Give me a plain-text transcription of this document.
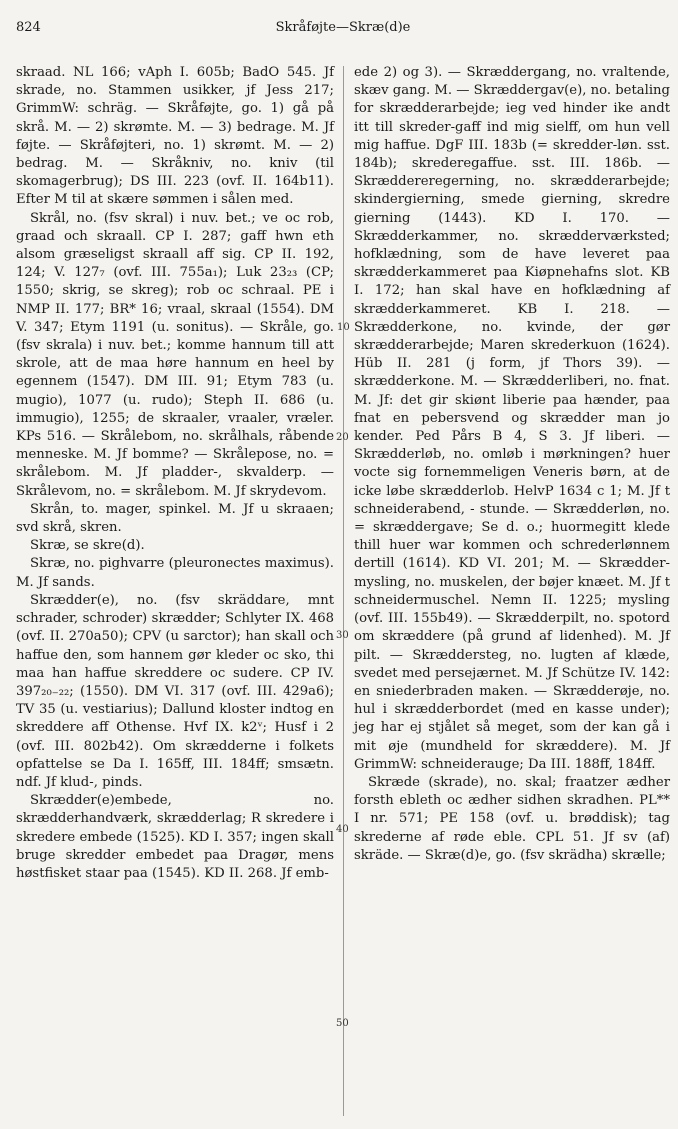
824	Skråføjte—Skræ(d)e
10
20
30
40
50

skraad. NL 166; vAph I. 605b; BadO 545. Jf skrade, no. Stammen usikker, jf Jess 217; GrimmW: schräg. — Skråføjte, go. 1) gå på skrå. M. — 2) skrømte. M. — 3) bedrage. M. Jf føjte. — Skråføjteri, no. 1) skrømt. M. — 2) bedrag. M. — Skråkniv, no. kniv (til skomagerbrug); DS III. 223 (ovf. II. 164b11). Efter M til at skære sømmen i sålen med.

Skrål, no. (fsv skral) i nuv. bet.; ve oc rob, graad och skraall. CP I. 287; gaff hwn eth alsom græseligst skraall aff sig. CP II. 192, 124; V. 127₇ (ovf. III. 755a₁); Luk 23₂₃ (CP; 1550; skrig, se skreg); rob oc schraal. PE i NMP II. 177; BR* 16; vraal, skraal (1554). DM V. 347; Etym 1191 (u. sonitus). — Skråle, go. (fsv skrala) i nuv. bet.; komme hannum till att skrole, att de maa høre hannum en heel by egennem (1547). DM III. 91; Etym 783 (u. mugio), 1077 (u. rudo); Steph II. 686 (u. immugio), 1255; de skraaler, vraaler, vræler. KPs 516. — Skrålebom, no. skrålhals, råbende menneske. M. Jf bomme? — Skrålepose, no. = skrålebom. M. Jf pladder-, skvalderp. — Skrålevom, no. = skrålebom. M. Jf skrydevom.

Skrån, to. mager, spinkel. M. Jf u skraaen; svd skrå, skren.

Skræ, se skre(d).

Skræ, no. pighvarre (pleuronectes maximus). M. Jf sands.

Skrædder(e), no. (fsv skräddare, mnt schrader, schroder) skrædder; Schlyter IX. 468 (ovf. II. 270a50); CPV (u sarctor); han skall och haffue den, som hannem gør kleder oc sko, thi maa han haffue skreddere oc sudere. CP IV. 397₂₀₋₂₂; (1550). DM VI. 317 (ovf. III. 429a6); TV 35 (u. vestiarius); Dallund kloster indtog en skreddere aff Othense. Hvf IX. k2ᵛ; Husf i 2 (ovf. III. 802b42). Om skrædderne i folkets opfattelse se Da I. 165ff, III. 184ff; smsætn. ndf. Jf klud-, pinds.

Skrædder(e)embede, no. skrædderhandværk, skrædderlag; R skredere i skredere embede (1525). KD I. 357; ingen skall bruge skredder embedet paa Dragør, mens høstfisket staar paa (1545). KD II. 268. Jf emb-

ede 2) og 3). — Skræddergang, no. vraltende, skæv gang. M. — Skræddergav(e), no. betaling for skrædderarbejde; ieg ved hinder ike andt itt till skreder-gaff ind mig sielff, om hun vell mig haffue. DgF III. 183b (= skredder-løn. sst. 184b); skrederegaffue. sst. III. 186b. — Skræddereregerning, no. skrædderarbejde; skindergierning, smede gierning, skredre gierning (1443). KD I. 170. — Skrædderkammer, no. skrædderværksted; hofklædning, som de have leveret paa skrædderkammeret paa Kiøpnehafns slot. KB I. 172; han skal have en hofklædning af skrædderkammeret. KB I. 218. — Skrædderkone, no. kvinde, der gør skrædderarbejde; Maren skrederkuon (1624). Hüb II. 281 (j form, jf Thors 39). — skrædderkone. M. — Skrædderliberi, no. fnat. M. Jf: det gir skiønt liberie paa hænder, paa fnat en pebersvend og skrædder man jo kender. Ped Pårs B 4, S 3. Jf liberi. — Skrædderløb, no. omløb i mørkningen? huer vocte sig fornemmeligen Veneris børn, at de icke løbe skrædderlob. HelvP 1634 c 1; M. Jf t schneiderabend, - stunde. — Skrædderløn, no. = skræddergave; Se d. o.; huormegitt klede thill huer war kommen och schrederlønnem dertill (1614). KD VI. 201; M. — Skræddermysling, no. muskelen, der bøjer knæet. M. Jf t schneidermuschel. Nemn II. 1225; mysling (ovf. III. 155b49). — Skrædderpilt, no. spotord om skræddere (på grund af lidenhed). M. Jf pilt. — Skræddersteg, no. lugten af klæde, svedet med persejærnet. M. Jf Schütze IV. 142: en sniederbraden maken. — Skrædderøje, no. hul i skrædderbordet (med en kasse under); jeg har ej stjålet så meget, som der kan gå i mit øje (mundheld for skræddere). M. Jf GrimmW: schneiderauge; Da III. 188ff, 184ff.

Skræde (skrade), no. skal; fraatzer ædher forsth ebleth oc ædher sidhen skradhen. PL** I nr. 571; PE 158 (ovf. u. brøddisk); tag skrederne af røde eble. CPL 51. Jf sv (af) skräde. — Skræ(d)e, go. (fsv skrädha) skrælle;
